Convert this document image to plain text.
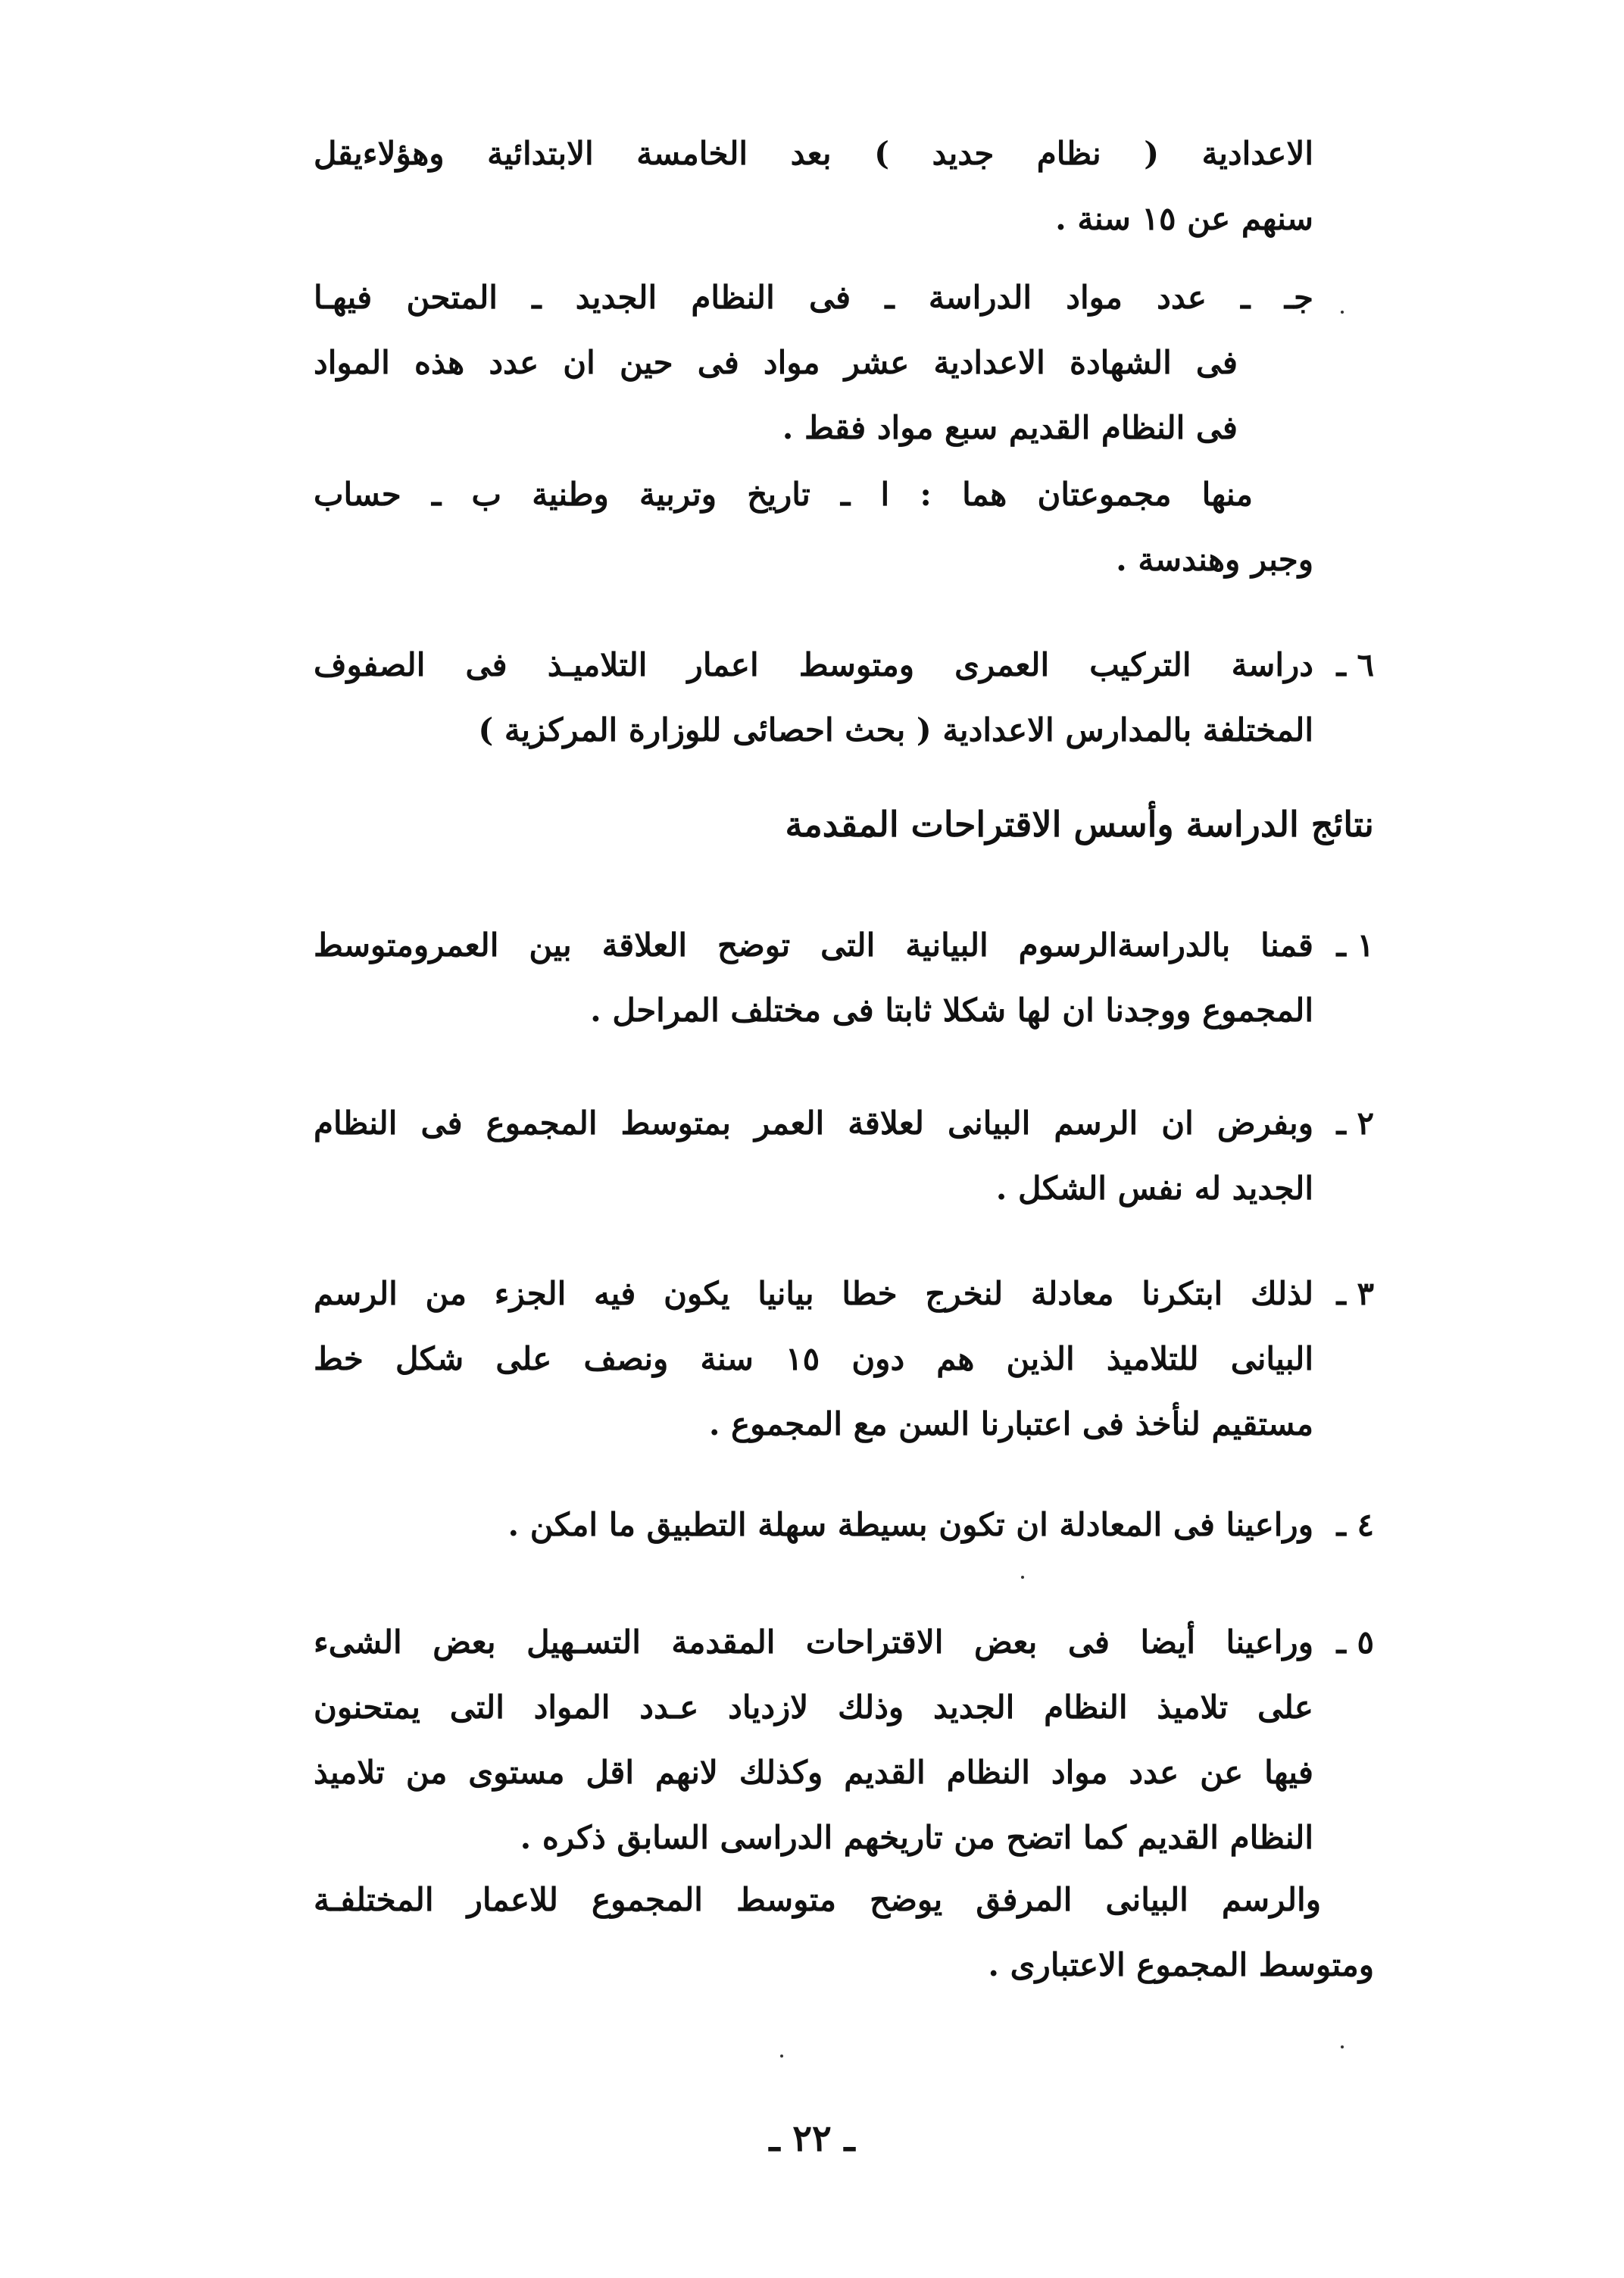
الاعدادية ( نظام جديد ) بعد الخامسة الابتدائية وهؤلاءيقل
سنهم عن ١٥ سنة .
جـ ـ عدد مواد الدراسة ـ فى النظام الجديد ـ المتحن فيهـا
فى الشهادة الاعدادية عشر مواد فى حين ان عدد هذه المواد
فى النظام القديم سبع مواد فقط .
منها مجموعتان هما : ا ـ تاريخ وتربية وطنية ب ـ حساب
وجبر وهندسة .
٦ ـ
دراسة التركيب العمرى ومتوسط اعمار التلاميـذ فى الصفوف
المختلفة بالمدارس الاعدادية ( بحث احصائى للوزارة المركزية )
نتائج الدراسة وأسس الاقتراحات المقدمة
١ ـ
قمنا بالدراسةالرسوم البيانية التى توضح العلاقة بين العمرومتوسط
المجموع ووجدنا ان لها شكلا ثابتا فى مختلف المراحل .
٢ ـ
وبفرض ان الرسم البيانى لعلاقة العمر بمتوسط المجموع فى النظام
الجديد له نفس الشكل .
٣ ـ
لذلك ابتكرنا معادلة لنخرج خطا بيانيا يكون فيه الجزء من الرسم
البيانى للتلاميذ الذين هم دون ١٥ سنة ونصف على شكل خط
مستقيم لنأخذ فى اعتبارنا السن مع المجموع .
٤ ـ
وراعينا فى المعادلة ان تكون بسيطة سهلة التطبيق ما امكن .
٥ ـ
وراعينا أيضا فى بعض الاقتراحات المقدمة التسـهيل بعض الشىء
على تلاميذ النظام الجديد وذلك لازدياد عـدد المواد التى يمتحنون
فيها عن عدد مواد النظام القديم وكذلك لانهم اقل مستوى من تلاميذ
النظام القديم كما اتضح من تاريخهم الدراسى السابق ذكره .
والرسم البيانى المرفق يوضح متوسط المجموع للاعمار المختلفـة
ومتوسط المجموع الاعتبارى .
ـ ٢٢ ـ
